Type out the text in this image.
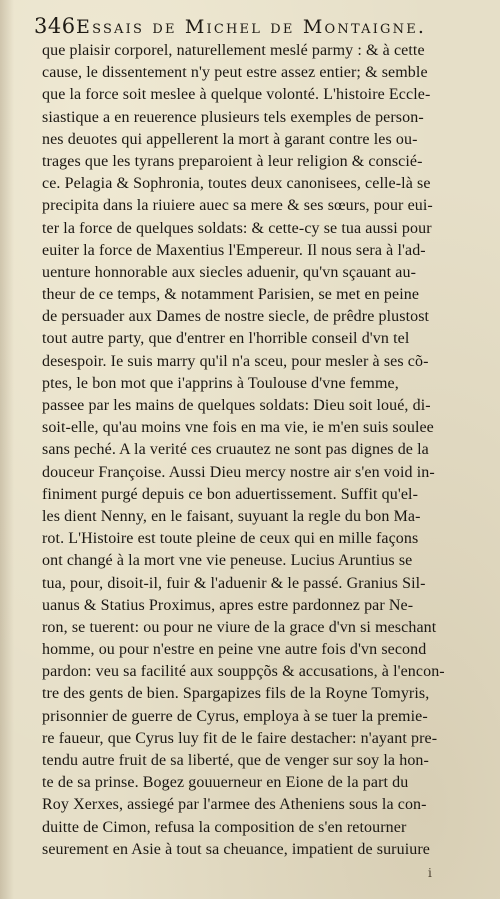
346 Essais de Michel de Montaigne.
que plaisir corporel, naturellement meslé parmy : & à cette
cause, le dissentement n'y peut estre assez entier; & semble
que la force soit meslee à quelque volonté. L'histoire Eccle-
siastique a en reuerence plusieurs tels exemples de person-
nes deuotes qui appellerent la mort à garant contre les ou-
trages que les tyrans preparoient à leur religion & conscié-
ce. Pelagia & Sophronia, toutes deux canonisees, celle-là se
precipita dans la riuiere auec sa mere & ses sœurs, pour eui-
ter la force de quelques soldats: & cette-cy se tua aussi pour
euiter la force de Maxentius l'Empereur. Il nous sera à l'ad-
uenture honnorable aux siecles aduenir, qu'vn sçauant au-
theur de ce temps, & notamment Parisien, se met en peine
de persuader aux Dames de nostre siecle, de prêdre plustost
tout autre party, que d'entrer en l'horrible conseil d'vn tel
desespoir. Ie suis marry qu'il n'a sceu, pour mesler à ses cõ-
ptes, le bon mot que i'apprins à Toulouse d'vne femme,
passee par les mains de quelques soldats: Dieu soit loué, di-
soit-elle, qu'au moins vne fois en ma vie, ie m'en suis soulee
sans peché. A la verité ces cruautez ne sont pas dignes de la
douceur Françoise. Aussi Dieu mercy nostre air s'en void in-
finiment purgé depuis ce bon aduertissement. Suffit qu'el-
les dient Nenny, en le faisant, suyuant la regle du bon Ma-
rot. L'Histoire est toute pleine de ceux qui en mille façons
ont changé à la mort vne vie peneuse. Lucius Aruntius se
tua, pour, disoit-il, fuir & l'aduenir & le passé. Granius Sil-
uanus & Statius Proximus, apres estre pardonnez par Ne-
ron, se tuerent: ou pour ne viure de la grace d'vn si meschant
homme, ou pour n'estre en peine vne autre fois d'vn second
pardon: veu sa facilité aux souppçõs & accusations, à l'encon-
tre des gents de bien. Spargapizes fils de la Royne Tomyris,
prisonnier de guerre de Cyrus, employa à se tuer la premie-
re faueur, que Cyrus luy fit de le faire destacher: n'ayant pre-
tendu autre fruit de sa liberté, que de venger sur soy la hon-
te de sa prinse. Bogez gouuerneur en Eione de la part du
Roy Xerxes, assiegé par l'armee des Atheniens sous la con-
duitte de Cimon, refusa la composition de s'en retourner
seurement en Asie à tout sa cheuance, impatient de suruiure
i
